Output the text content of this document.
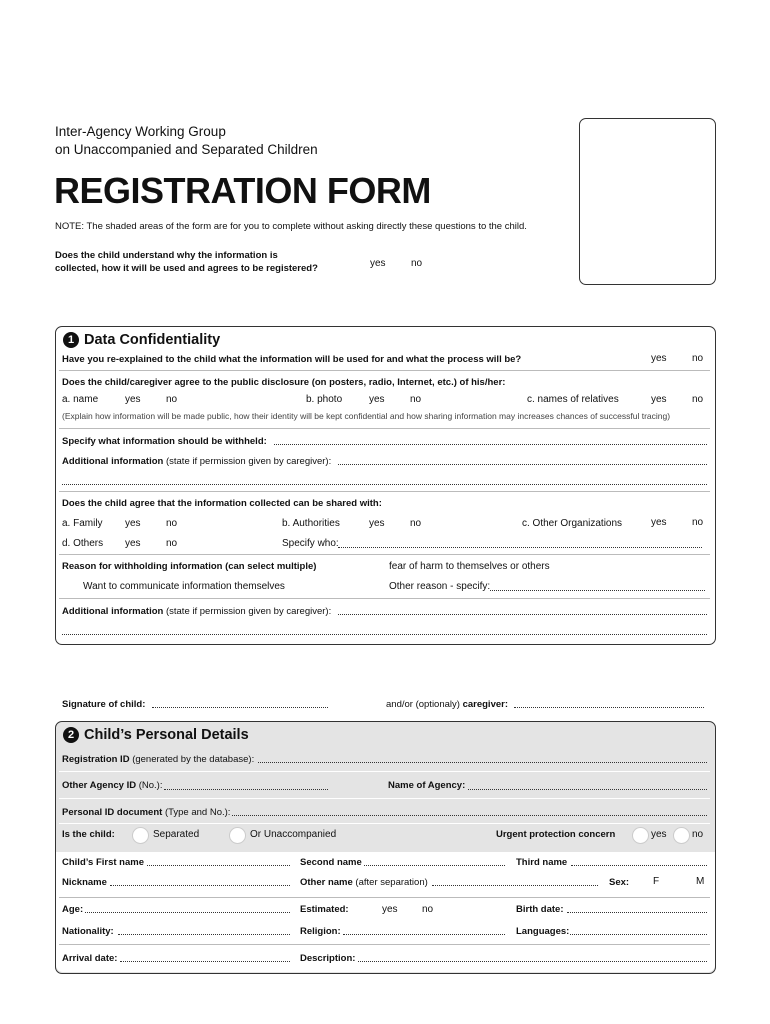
Inter-Agency Working Group
on Unaccompanied and Separated Children
REGISTRATION FORM
NOTE: The shaded areas of the form are for you to complete without asking directly these questions to the child.
Does the child understand why the information is
collected, how it will be used and agrees to be registered?	yes	no
1 Data Confidentiality
Have you re-explained to the child what the information will be used for and what the process will be?	yes	no
Does the child/caregiver agree to the public disclosure (on posters, radio, Internet, etc.) of his/her:
a. name	yes	no	b. photo	yes	no	c. names of relatives	yes	no
(Explain how information will be made public, how their identity will be kept confidential and how sharing information may increases chances of successful tracing)
Specify what information should be withheld:
Additional information (state if permission given by caregiver):
Does the child agree that the information collected can be shared with:
a. Family yes	no	b. Authorities	yes	no	c. Other Organizations	yes	no
d. Others yes	no	Specify who:
Reason for withholding information (can select multiple)	fear of harm to themselves or others
Want to communicate information themselves	Other reason - specify:
Additional information (state if permission given by caregiver):
Signature of child:	and/or (optionaly) caregiver:
2 Child’s Personal Details
Registration ID (generated by the database):
Other Agency ID (No.):	Name of Agency:
Personal ID document (Type and No.):
Is the child:	Separated	Or Unaccompanied	Urgent protection concern	yes	no
Child’s First name	Second name	Third name
Nickname	Other name (after separation)	Sex: F	M
Age:	Estimated:	yes no	Birth date:
Nationality:	Religion:	Languages:
Arrival date:	Description:
